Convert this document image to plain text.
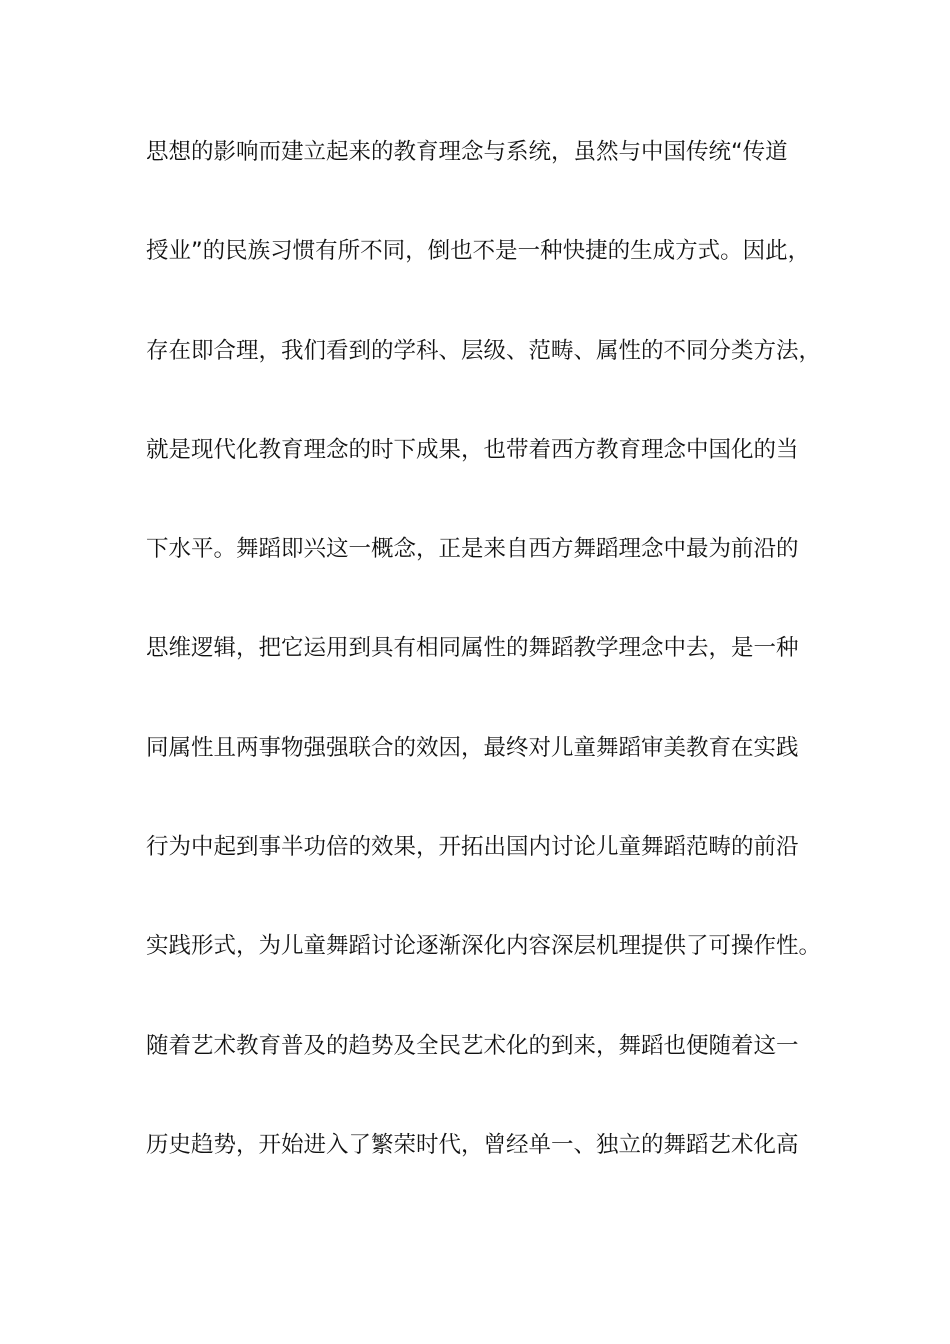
思想的影响而建立起来的教育理念与系统，虽然与中国传统“传道
授业”的民族习惯有所不同，倒也不是一种快捷的生成方式。因此，
存在即合理，我们看到的学科、层级、范畴、属性的不同分类方法，
就是现代化教育理念的时下成果，也带着西方教育理念中国化的当
下水平。舞蹈即兴这一概念，正是来自西方舞蹈理念中最为前沿的
思维逻辑，把它运用到具有相同属性的舞蹈教学理念中去，是一种
同属性且两事物强强联合的效因，最终对儿童舞蹈审美教育在实践
行为中起到事半功倍的效果，开拓出国内讨论儿童舞蹈范畴的前沿
实践形式，为儿童舞蹈讨论逐渐深化内容深层机理提供了可操作性。
随着艺术教育普及的趋势及全民艺术化的到来，舞蹈也便随着这一
历史趋势，开始进入了繁荣时代，曾经单一、独立的舞蹈艺术化高
